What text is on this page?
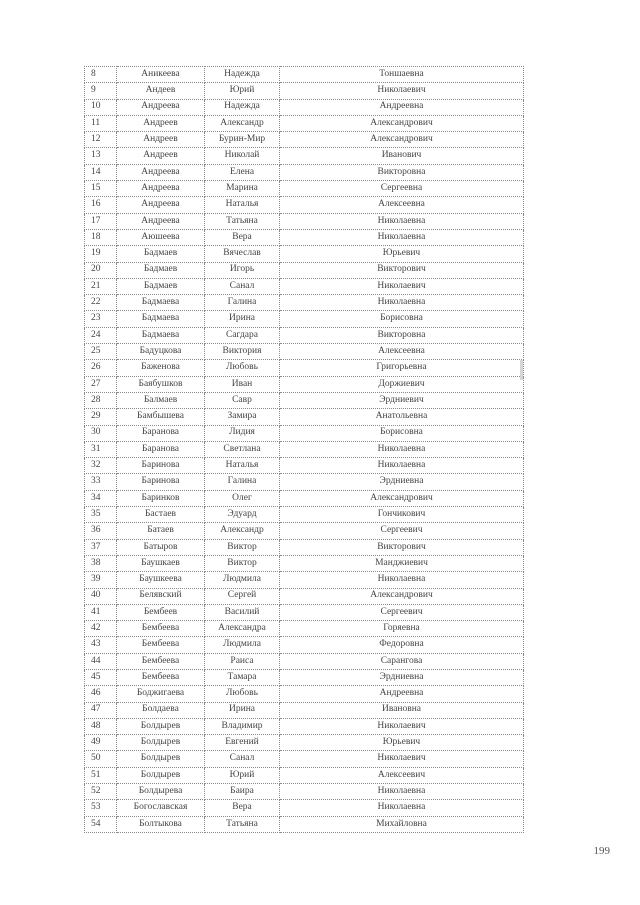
8	Аникеева	Надежда	Тоншаевна
9	Андеев	Юрий	Николаевич
10	Андреева	Надежда	Андреевна
11	Андреев	Александр	Александрович
12	Андреев	Бурин-Мир	Александрович
13	Андреев	Николай	Иванович
14	Андреева	Елена	Викторовна
15	Андреева	Марина	Сергеевна
16	Андреева	Наталья	Алексеевна
17	Андреева	Татьяна	Николаевна
18	Аюшеева	Вера	Николаевна
19	Бадмаев	Вячеслав	Юрьевич
20	Бадмаев	Игорь	Викторович
21	Бадмаев	Санал	Николаевич
22	Бадмаева	Галина	Николаевна
23	Бадмаева	Ирина	Борисовна
24	Бадмаева	Сагдара	Викторовна
25	Бадуцкова	Виктория	Алексеевна
26	Баженова	Любовь	Григорьевна
27	Баябушков	Иван	Доржиевич
28	Балмаев	Савр	Эрдниевич
29	Бамбышева	Замира	Анатольевна
30	Баранова	Лидия	Борисовна
31	Баранова	Светлана	Николаевна
32	Баринова	Наталья	Николаевна
33	Баринова	Галина	Эрдниевна
34	Баринков	Олег	Александрович
35	Бастаев	Эдуард	Гончикович
36	Батаев	Александр	Сергеевич
37	Батыров	Виктор	Викторович
38	Баушкаев	Виктор	Манджиевич
39	Баушкеева	Людмила	Николаевна
40	Белявский	Сергей	Александрович
41	Бембеев	Василий	Сергеевич
42	Бембеева	Александра	Горяевна
43	Бембеева	Людмила	Федоровна
44	Бембеева	Раиса	Сарангова
45	Бембеева	Тамара	Эрдниевна
46	Боджигаева	Любовь	Андреевна
47	Болдаева	Ирина	Ивановна
48	Болдырев	Владимир	Николаевич
49	Болдырев	Евгений	Юрьевич
50	Болдырев	Санал	Николаевич
51	Болдырев	Юрий	Алексеевич
52	Болдырева	Баира	Николаевна
53	Богославская	Вера	Николаевна
54	Болтыкова	Татьяна	Михайловна
199
